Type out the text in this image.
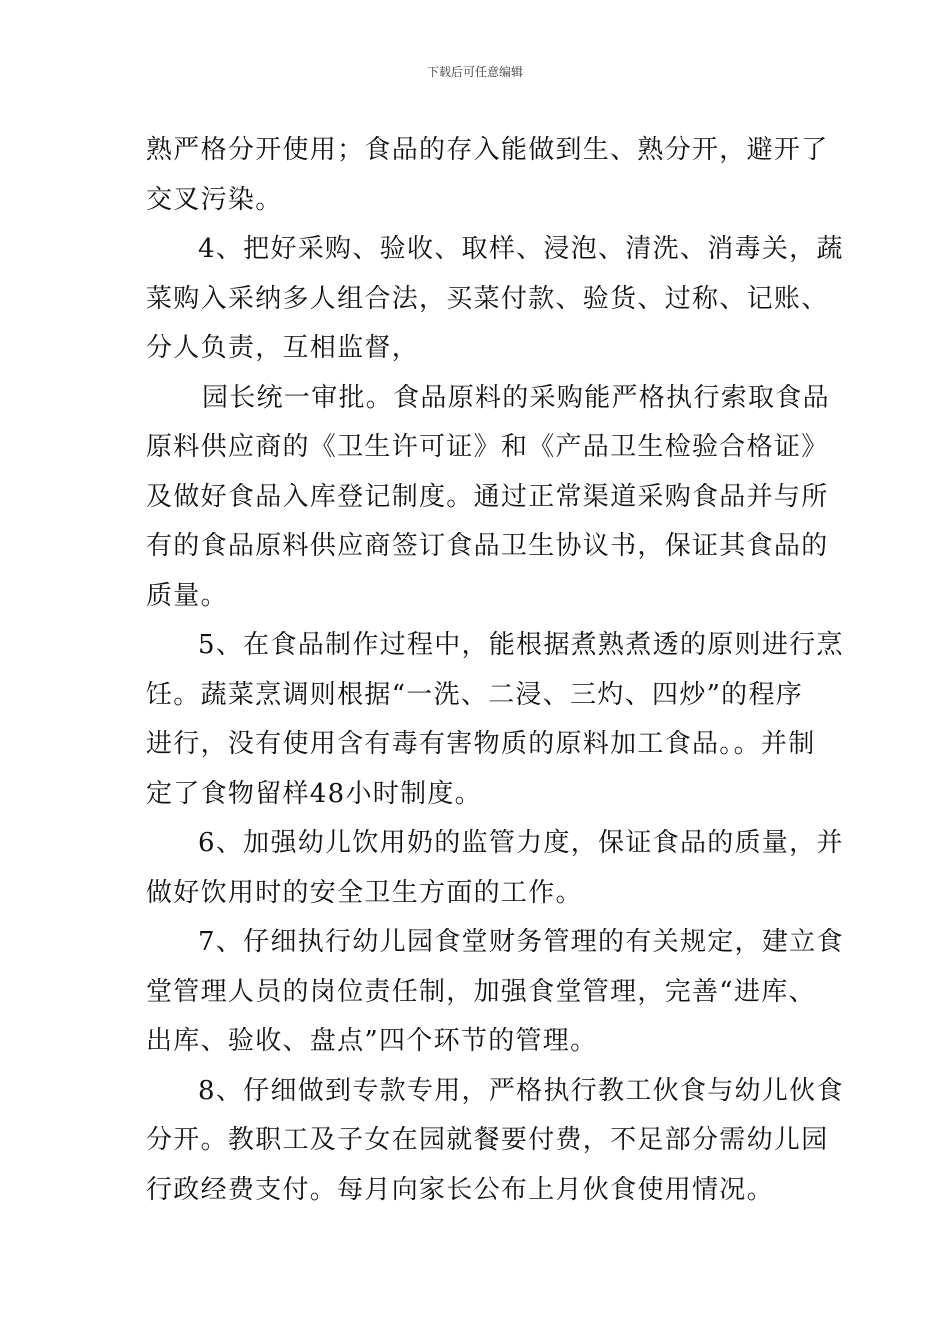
下载后可任意编辑
熟严格分开使用；食品的存入能做到生、熟分开，避开了
交叉污染。
4、把好采购、验收、取样、浸泡、清洗、消毒关，蔬
菜购入采纳多人组合法，买菜付款、验货、过称、记账、
分人负责，互相监督，
园长统一审批。食品原料的采购能严格执行索取食品
原料供应商的《卫生许可证》和《产品卫生检验合格证》
及做好食品入库登记制度。通过正常渠道采购食品并与所
有的食品原料供应商签订食品卫生协议书，保证其食品的
质量。
5、在食品制作过程中，能根据煮熟煮透的原则进行烹
饪。蔬菜烹调则根据“一洗、二浸、三灼、四炒”的程序
进行，没有使用含有毒有害物质的原料加工食品。。并制
定了食物留样48小时制度。
6、加强幼儿饮用奶的监管力度，保证食品的质量，并
做好饮用时的安全卫生方面的工作。
7、仔细执行幼儿园食堂财务管理的有关规定，建立食
堂管理人员的岗位责任制，加强食堂管理，完善“进库、
出库、验收、盘点”四个环节的管理。
8、仔细做到专款专用，严格执行教工伙食与幼儿伙食
分开。教职工及子女在园就餐要付费，不足部分需幼儿园
行政经费支付。每月向家长公布上月伙食使用情况。
